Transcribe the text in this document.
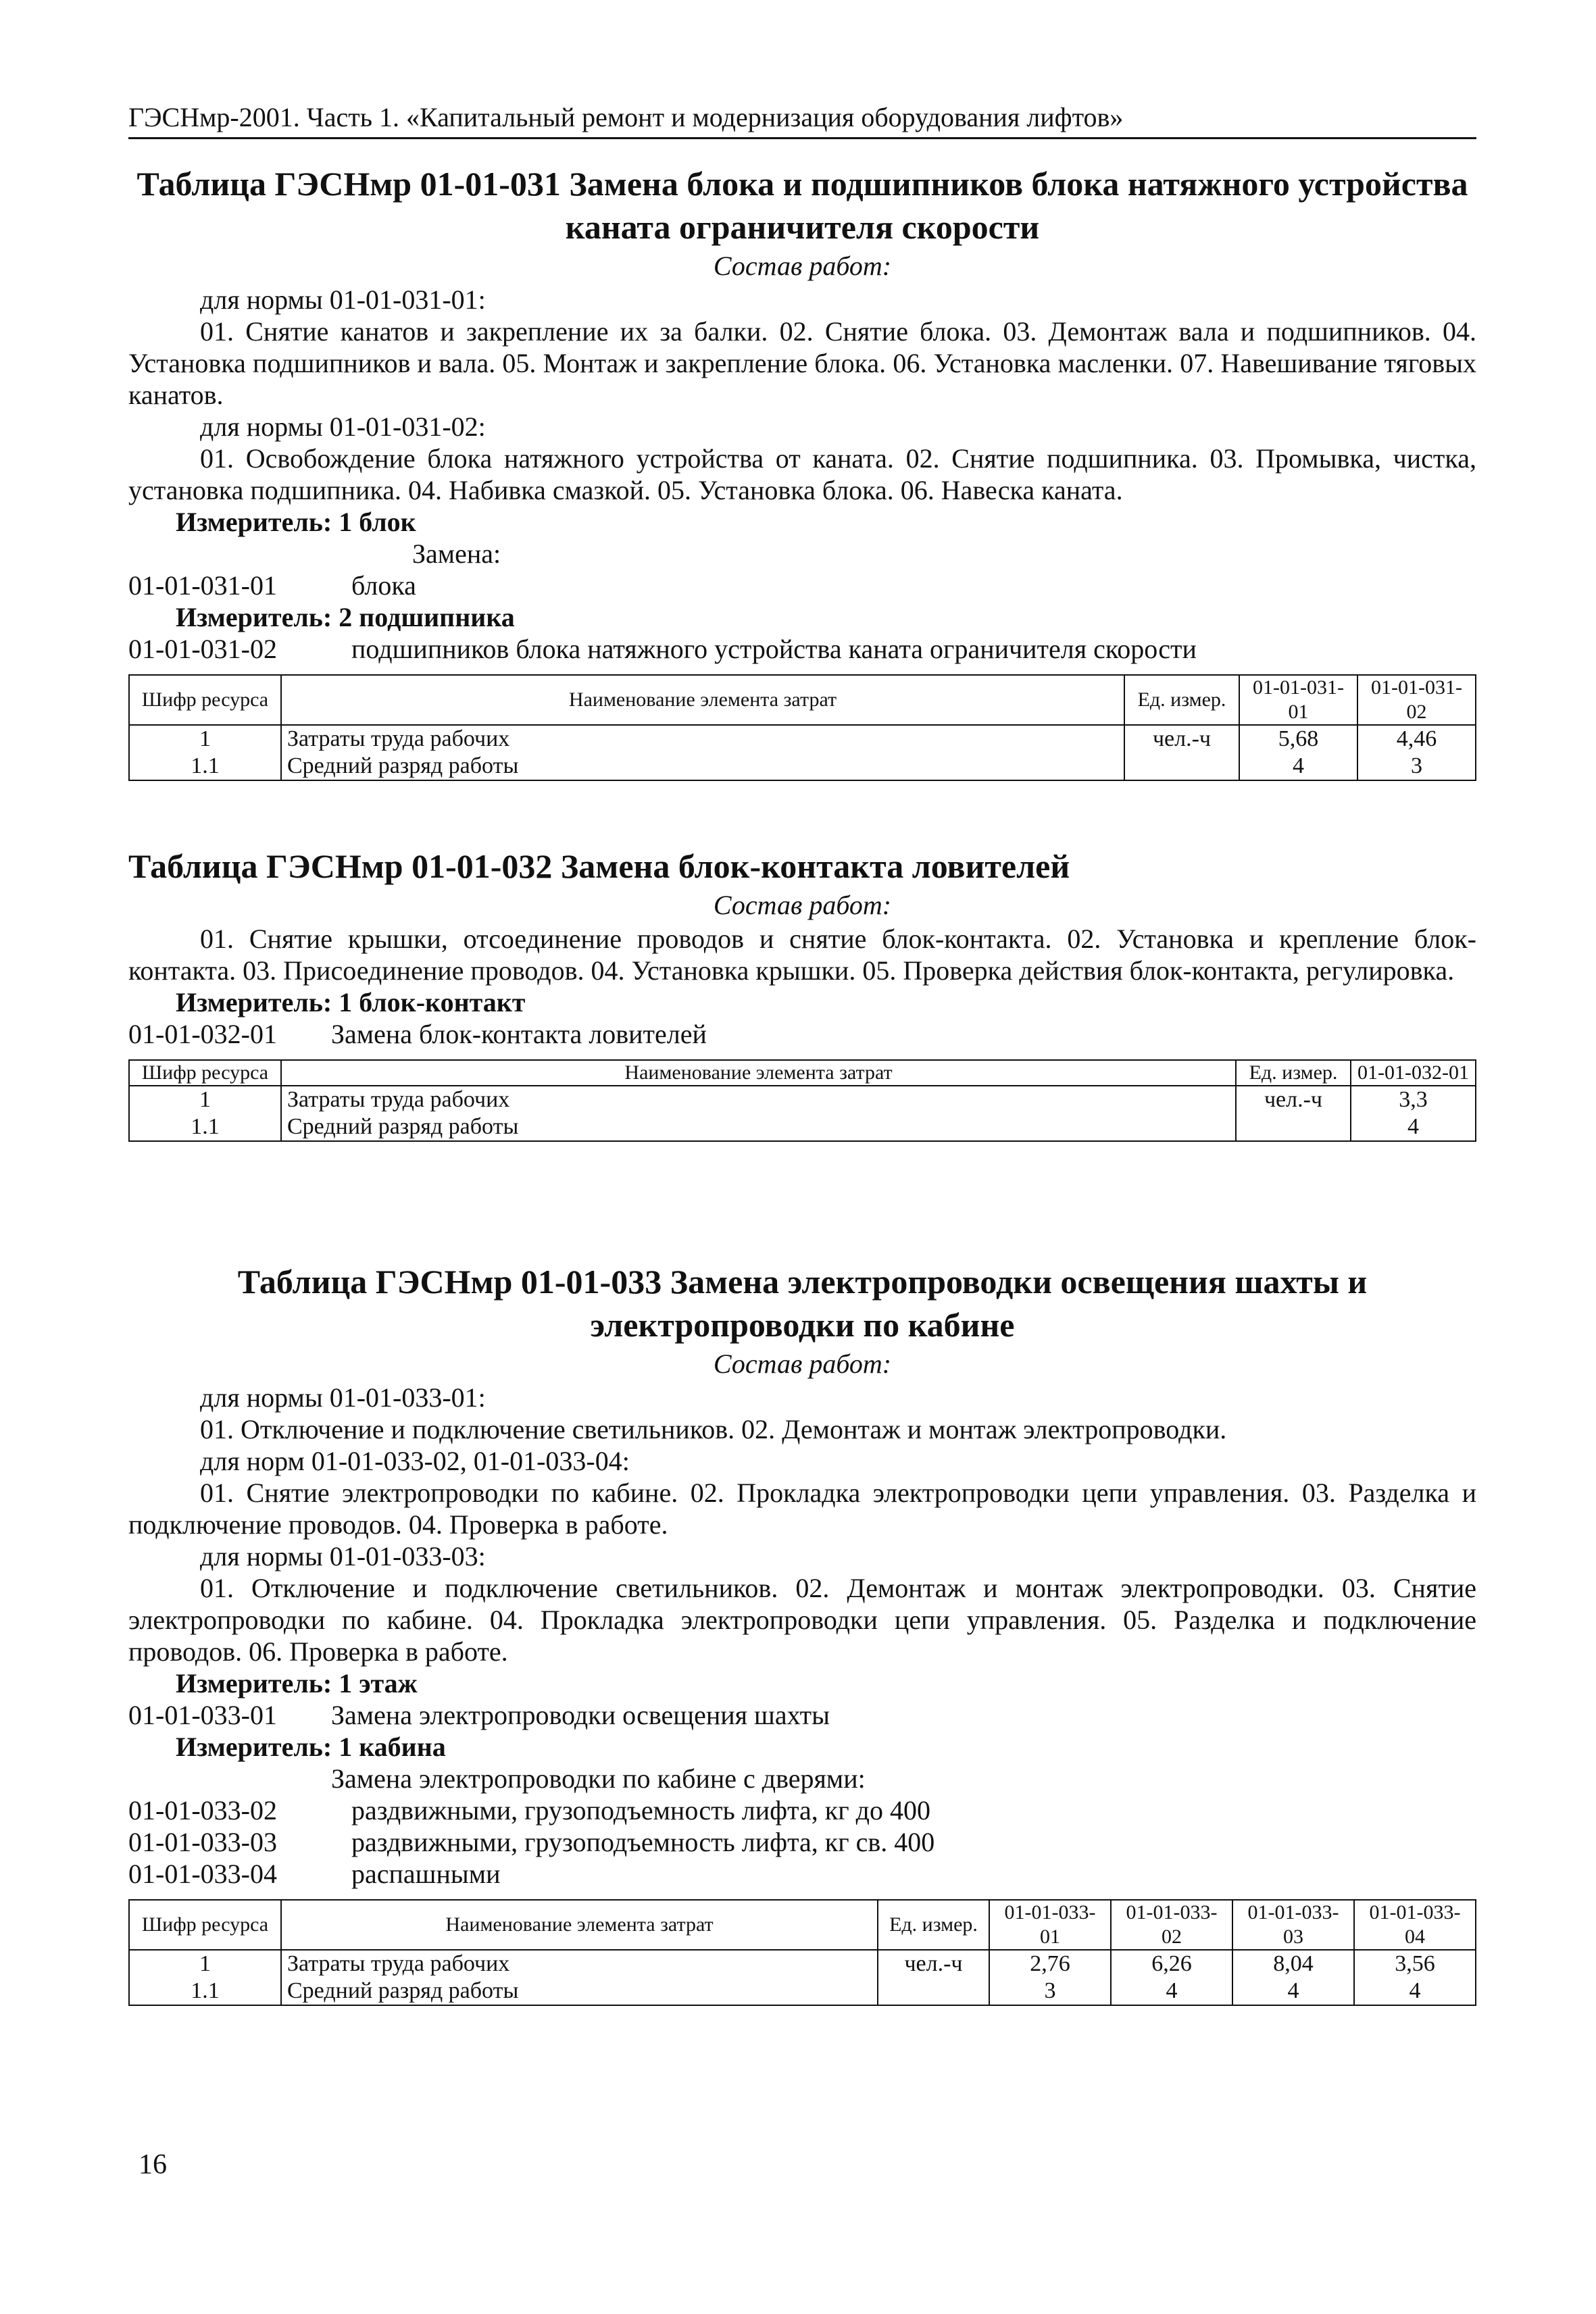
ГЭСНмр-2001. Часть 1. «Капитальный ремонт и модернизация оборудования лифтов»
Таблица ГЭСНмр 01-01-031 Замена блока и подшипников блока натяжного устройства
каната ограничителя скорости
Состав работ:

для нормы 01-01-031-01:

01. Снятие канатов и закрепление их за балки. 02. Снятие блока. 03. Демонтаж вала и подшипников. 04. Установка подшипников и вала. 05. Монтаж и закрепление блока. 06. Установка масленки. 07. Навешивание тяговых канатов.

для нормы 01-01-031-02:

01. Освобождение блока натяжного устройства от каната. 02. Снятие подшипника. 03. Промывка, чистка, установка подшипника. 04. Набивка смазкой. 05. Установка блока. 06. Навеска каната.

Измеритель: 1 блок
Замена:
01-01-031-01	блока
Измеритель: 2 подшипника
01-01-031-02	подшипников блока натяжного устройства каната ограничителя скорости
Шифр ресурса	Наименование элемента затрат	Ед. измер.	01-01-031-01	01-01-031-02
1	Затраты труда рабочих	чел.-ч	5,68	4,46
1.1	Средний разряд работы		4	3
Таблица ГЭСНмр 01-01-032 Замена блок-контакта ловителей
Состав работ:

01. Снятие крышки, отсоединение проводов и снятие блок-контакта. 02. Установка и крепление блок-контакта. 03. Присоединение проводов. 04. Установка крышки. 05. Проверка действия блок-контакта, регулировка.

Измеритель: 1 блок-контакт
01-01-032-01	Замена блок-контакта ловителей
Шифр ресурса	Наименование элемента затрат	Ед. измер.	01-01-032-01
1	Затраты труда рабочих	чел.-ч	3,3
1.1	Средний разряд работы		4
Таблица ГЭСНмр 01-01-033 Замена электропроводки освещения шахты и
электропроводки по кабине
Состав работ:

для нормы 01-01-033-01:

01. Отключение и подключение светильников. 02. Демонтаж и монтаж электропроводки.

для норм 01-01-033-02, 01-01-033-04:

01. Снятие электропроводки по кабине. 02. Прокладка электропроводки цепи управления. 03. Разделка и подключение проводов. 04. Проверка в работе.

для нормы 01-01-033-03:

01. Отключение и подключение светильников. 02. Демонтаж и монтаж электропроводки. 03. Снятие электропроводки по кабине. 04. Прокладка электропроводки цепи управления. 05. Разделка и подключение проводов. 06. Проверка в работе.

Измеритель: 1 этаж
01-01-033-01	Замена электропроводки освещения шахты
Измеритель: 1 кабина
Замена электропроводки по кабине с дверями:
01-01-033-02	раздвижными, грузоподъемность лифта, кг до 400
01-01-033-03	раздвижными, грузоподъемность лифта, кг св. 400
01-01-033-04	распашными
Шифр ресурса	Наименование элемента затрат	Ед. измер.	01-01-033-01	01-01-033-02	01-01-033-03	01-01-033-04
1	Затраты труда рабочих	чел.-ч	2,76	6,26	8,04	3,56
1.1	Средний разряд работы		3	4	4	4
16
